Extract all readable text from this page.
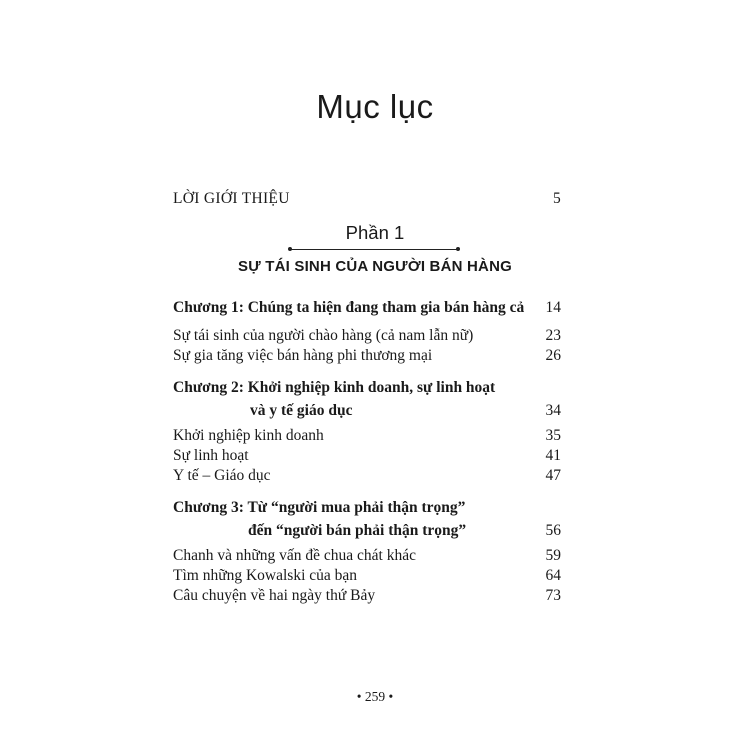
Mục lục
LỜI GIỚI THIỆU	5
Phần 1
SỰ TÁI SINH CỦA NGƯỜI BÁN HÀNG
Chương 1: Chúng ta hiện đang tham gia bán hàng cả 14
Sự tái sinh của người chào hàng (cả nam lẫn nữ)	23
Sự gia tăng việc bán hàng phi thương mại	26
Chương 2: Khởi nghiệp kinh doanh, sự linh hoạt
và y tế giáo dục	34
Khởi nghiệp kinh doanh	35
Sự linh hoạt	41
Y tế – Giáo dục	47
Chương 3: Từ “người mua phải thận trọng”
đến “người bán phải thận trọng”	56
Chanh và những vấn đề chua chát khác	59
Tìm những Kowalski của bạn	64
Câu chuyện về hai ngày thứ Bảy	73
• 259 •
